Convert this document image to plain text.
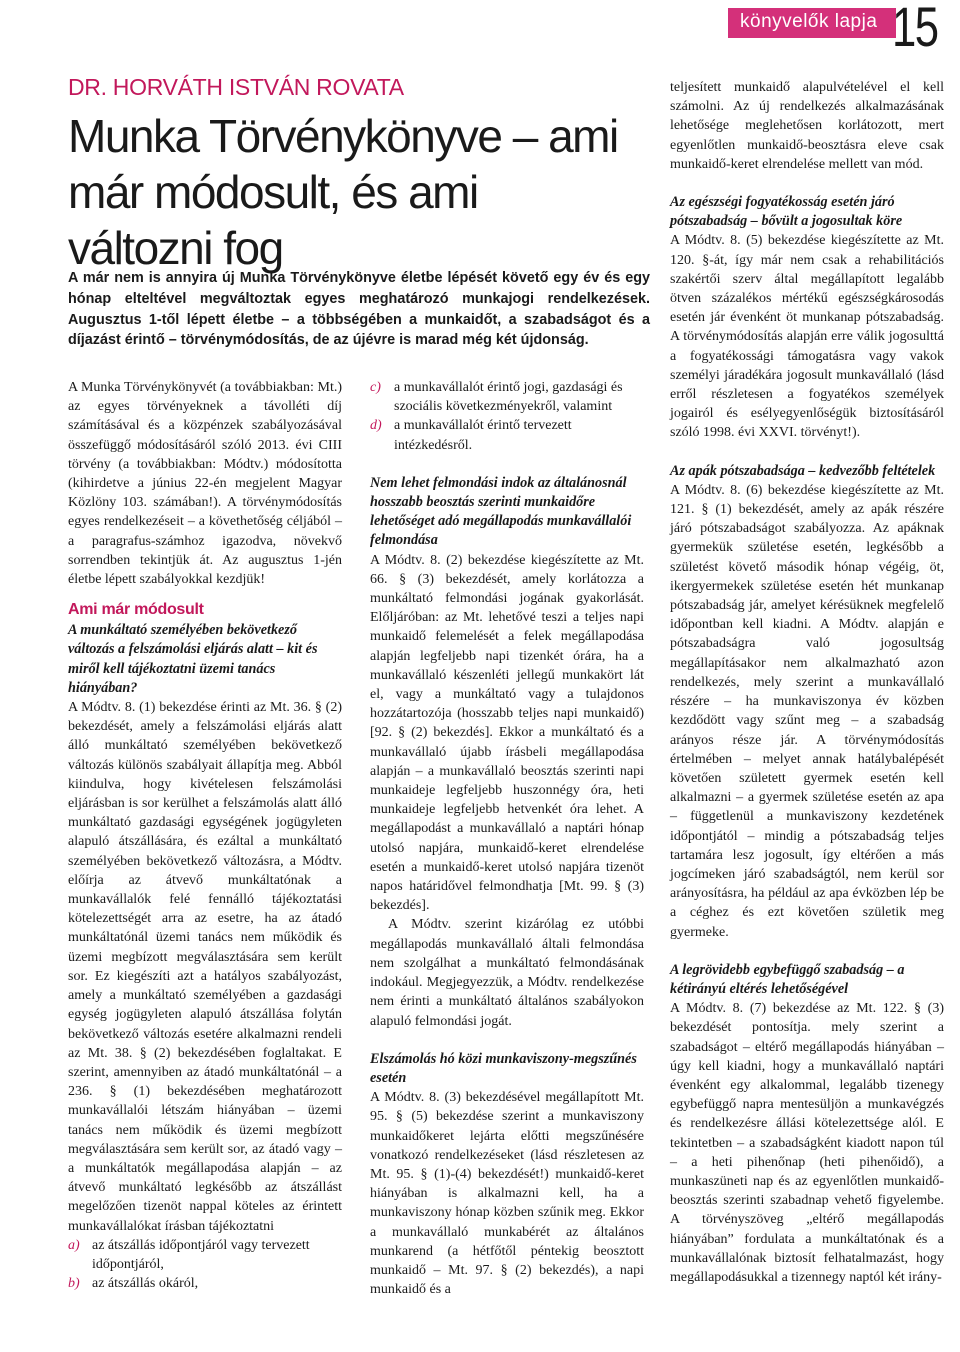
könyvelők lapja 15
DR. HORVÁTH ISTVÁN ROVATA
Munka Törvénykönyve – ami már módosult, és ami változni fog

A már nem is annyira új Munka Törvénykönyve életbe lépését követő egy év és egy hónap elteltével megváltoztak egyes meghatározó munkajogi rendelkezések. Augusztus 1-től lépett életbe – a többségében a munkaidőt, a szabadságot és a díjazást érintő – törvénymódosítás, de az újévre is marad még két újdonság.

A Munka Törvénykönyvét (a továbbiakban: Mt.) az egyes törvényeknek a távolléti díj számításával és a közpénzek szabályozásával összefüggő módosításáról szóló 2013. évi CIII törvény (a továbbiakban: Módtv.) módosította (kihirdetve a június 22-én megjelent Magyar Közlöny 103. számában!). A törvénymódosítás egyes rendelkezéseit – a követhetőség céljából – a paragrafus-számhoz igazodva, növekvő sorrendben tekintjük át. Az augusztus 1-jén életbe lépett szabályokkal kezdjük!

Ami már módosult
A munkáltató személyében bekövetkező változás a felszámolási eljárás alatt – kit és miről kell tájékoztatni üzemi tanács hiányában?

A Módtv. 8. (1) bekezdése érinti az Mt. 36. § (2) bekezdését, amely a felszámolási eljárás alatt álló munkáltató személyében bekövetkező változás különös szabályait állapítja meg. Abból kiindulva, hogy kivételesen felszámolási eljárásban is sor kerülhet a felszámolás alatt álló munkáltató gazdasági egységének jogügyleten alapuló átszállására, és ezáltal a munkáltató személyében bekövetkező változásra, a Módtv. előírja az átvevő munkáltatónak a munkavállalók felé fennálló tájékoztatási kötelezettségét arra az esetre, ha az átadó munkáltatónál üzemi tanács nem működik és üzemi megbízott megválasztására sem került sor. Ez kiegészíti azt a hatályos szabályozást, amely a munkáltató személyében a gazdasági egység jogügyleten alapuló átszállása folytán bekövetkező változás esetére alkalmazni rendeli az Mt. 38. § (2) bekezdésében foglaltakat. E szerint, amennyiben az átadó munkáltatónál – a 236. § (1) bekezdésében meghatározott munkavállalói létszám hiányában – üzemi tanács nem működik és üzemi megbízott megválasztására sem került sor, az átadó vagy – a munkáltatók megállapodása alapján – az átvevő munkáltató legkésőbb az átszállást megelőzően tizenöt nappal köteles az érintett munkavállalókat írásban tájékoztatni

a) az átszállás időpontjáról vagy tervezett időpontjáról,
b) az átszállás okáról,
c) a munkavállalót érintő jogi, gazdasági és szociális következményekről, valamint
d) a munkavállalót érintő tervezett intézkedésről.
Nem lehet felmondási indok az általánosnál hosszabb beosztás szerinti munkaidőre lehetőséget adó megállapodás munkavállalói felmondása

A Módtv. 8. (2) bekezdése kiegészítette az Mt. 66. § (3) bekezdését, amely korlátozza a munkáltató felmondási jogának gyakorlását. Előljáróban: az Mt. lehetővé teszi a teljes napi munkaidő felemelését a felek megállapodása alapján legfeljebb napi tizenkét órára, ha a munkavállaló készenléti jellegű munkakört lát el, vagy a munkáltató vagy a tulajdonos hozzátartozója (hosszabb teljes napi munkaidő) [92. § (2) bekezdés]. Ekkor a munkáltató és a munkavállaló újabb írásbeli megállapodása alapján – a munkavállaló beosztás szerinti napi munkaideje legfeljebb huszonnégy óra, heti munkaideje legfeljebb hetvenkét óra lehet. A megállapodást a munkavállaló a naptári hónap utolsó napjára, munkaidő-keret elrendelése esetén a munkaidő-keret utolsó napjára tizenöt napos határidővel felmondhatja [Mt. 99. § (3) bekezdés].

A Módtv. szerint kizárólag ez utóbbi megállapodás munkavállaló általi felmondása nem szolgálhat a munkáltató felmondásának indokául. Megjegyezzük, a Módtv. rendelkezése nem érinti a munkáltató általános szabályokon alapuló felmondási jogát.

Elszámolás hó közi munkaviszony-megszűnés esetén

A Módtv. 8. (3) bekezdésével megállapított Mt. 95. § (5) bekezdése szerint a munkaviszony munkaidőkeret lejárta előtti megszűnésére vonatkozó rendelkezéseket (lásd részletesen az Mt. 95. § (1)-(4) bekezdését!) munkaidő-keret hiányában is alkalmazni kell, ha a munkaviszony hónap közben szűnik meg. Ekkor a munkavállaló munkabérét az általános munkarend (a hétfőtől péntekig beosztott munkaidő – Mt. 97. § (2) bekezdés), a napi munkaidő és a

teljesített munkaidő alapulvételével el kell számolni. Az új rendelkezés alkalmazásának lehetősége meglehetősen korlátozott, mert egyenlőtlen munkaidő-beosztásra eleve csak munkaidő-keret elrendelése mellett van mód.

Az egészségi fogyatékosság esetén járó pótszabadság – bővült a jogosultak köre

A Módtv. 8. (5) bekezdése kiegészítette az Mt. 120. §-át, így már nem csak a rehabilitációs szakértői szerv által megállapított legalább ötven százalékos mértékű egészségkárosodás esetén jár évenként öt munkanap pótszabadság. A törvénymódosítás alapján erre válik jogosulttá a fogyatékossági támogatásra vagy vakok személyi járadékára jogosult munkavállaló (lásd erről részletesen a fogyatékos személyek jogairól és esélyegyenlőségük biztosításáról szóló 1998. évi XXVI. törvényt!).

Az apák pótszabadsága – kedvezőbb feltételek

A Módtv. 8. (6) bekezdése kiegészítette az Mt. 121. § (1) bekezdését, amely az apák részére járó pótszabadságot szabályozza. Az apáknak gyermekük születése esetén, legkésőbb a születést követő második hónap végéig, öt, ikergyermekek születése esetén hét munkanap pótszabadság jár, amelyet kérésüknek megfelelő időpontban kell kiadni. A Módtv. alapján e pótszabadságra való jogosultság megállapításakor nem alkalmazható azon rendelkezés, mely szerint a munkavállaló részére – ha munkaviszonya év közben kezdődött vagy szűnt meg – a szabadság arányos része jár. A törvénymódosítás értelmében – melyet annak hatálybalépését követően született gyermek esetén kell alkalmazni – a gyermek születése esetén az apa – függetlenül a munkaviszony kezdetének időpontjától – mindig a pótszabadság teljes tartamára lesz jogosult, így eltérően a más jogcímeken járó szabadságtól, nem kerül sor arányosításra, ha például az apa évközben lép be a céghez és ezt követően születik meg gyermeke.

A legrövidebb egybefüggő szabadság – a kétirányú eltérés lehetőségével

A Módtv. 8. (7) bekezdése az Mt. 122. § (3) bekezdését pontosítja. mely szerint a szabadságot – eltérő megállapodás hiányában – úgy kell kiadni, hogy a munkavállaló naptári évenként egy alkalommal, legalább tizenegy egybefüggő napra mentesüljön a munkavégzés és rendelkezésre állási kötelezettsége alól. E tekintetben – a szabadságként kiadott napon túl – a heti pihenőnap (heti pihenőidő), a munkaszüneti nap és az egyenlőtlen munkaidő-beosztás szerinti szabadnap vehető figyelembe. A törvényszöveg „eltérő megállapodás hiányában” fordulata a munkáltatónak és a munkavállalónak biztosít felhatalmazást, hogy megállapodásukkal a tizennegy naptól két irány-
